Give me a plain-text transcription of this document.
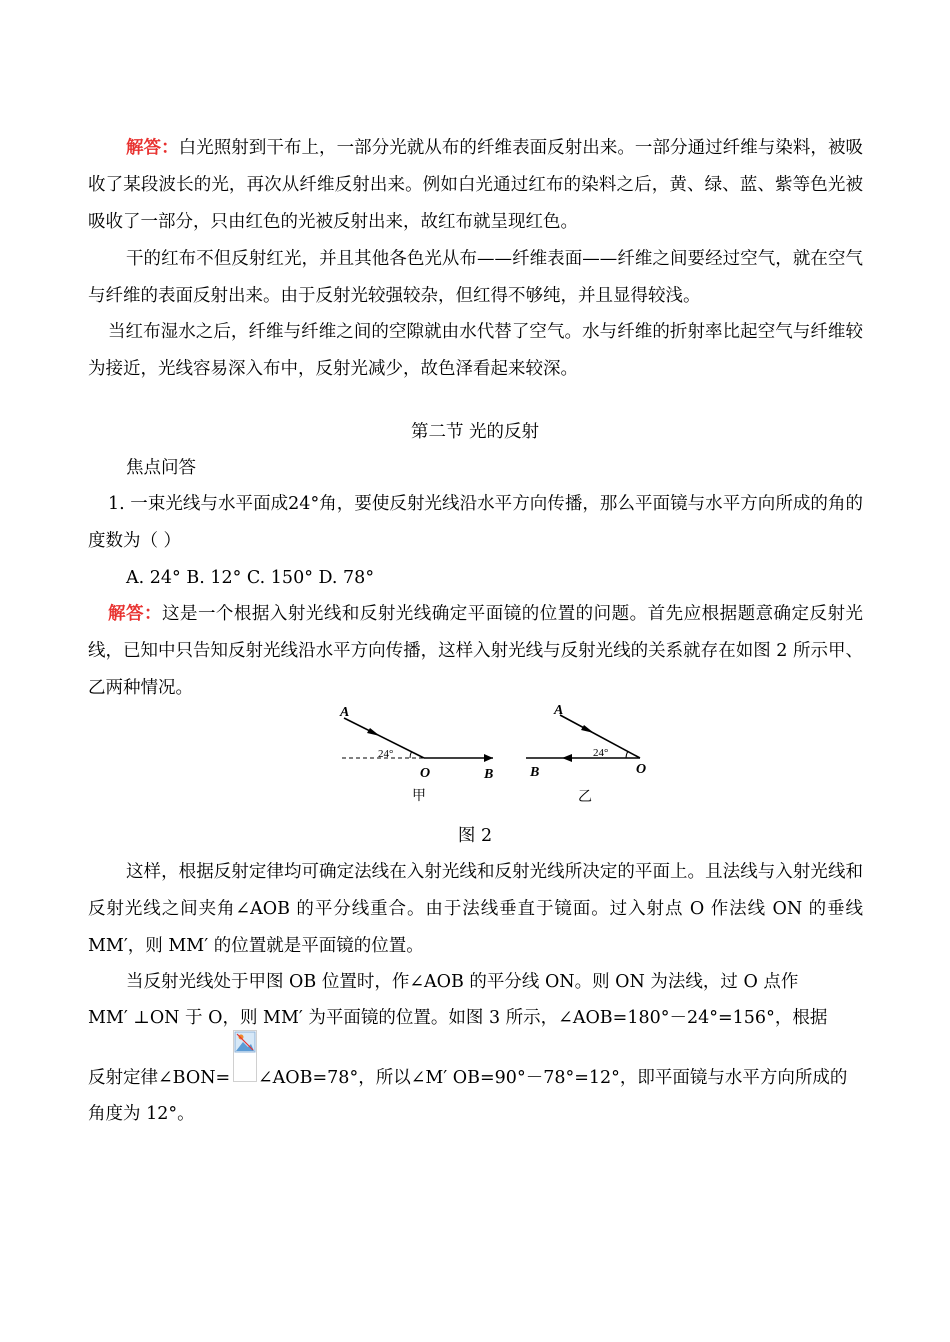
解答：白光照射到干布上，一部分光就从布的纤维表面反射出来。一部分通过纤维与染料，被吸收了某段波长的光，再次从纤维反射出来。例如白光通过红布的染料之后，黄、绿、蓝、紫等色光被吸收了一部分，只由红色的光被反射出来，故红布就呈现红色。

干的红布不但反射红光，并且其他各色光从布——纤维表面——纤维之间要经过空气，就在空气与纤维的表面反射出来。由于反射光较强较杂，但红得不够纯，并且显得较浅。

当红布湿水之后，纤维与纤维之间的空隙就由水代替了空气。水与纤维的折射率比起空气与纤维较为接近，光线容易深入布中，反射光减少，故色泽看起来较深。

第二节 光的反射

焦点问答

1. 一束光线与水平面成24°角，要使反射光线沿水平方向传播，那么平面镜与水平方向所成的角的度数为（ ）

A. 24° B. 12° C. 150° D. 78°

解答：这是一个根据入射光线和反射光线确定平面镜的位置的问题。首先应根据题意确定反射光线，已知中只告知反射光线沿水平方向传播，这样入射光线与反射光线的关系就存在如图 2 所示甲、乙两种情况。

A
24°
O	B
甲
A
24°
B	O
乙

图 2

这样，根据反射定律均可确定法线在入射光线和反射光线所决定的平面上。且法线与入射光线和反射光线之间夹角∠AOB 的平分线重合。由于法线垂直于镜面。过入射点 O 作法线 ON 的垂线 MM′，则 MM′ 的位置就是平面镜的位置。

当反射光线处于甲图 OB 位置时，作∠AOB 的平分线 ON。则 ON 为法线，过 O 点作

MM′ ⊥ON 于 O，则 MM′ 为平面镜的位置。如图 3 所示，∠AOB=180°－24°=156°，根据

反射定律∠BON= ∠AOB=78°，所以∠M′ OB=90°－78°=12°，即平面镜与水平方向所成的

角度为 12°。
